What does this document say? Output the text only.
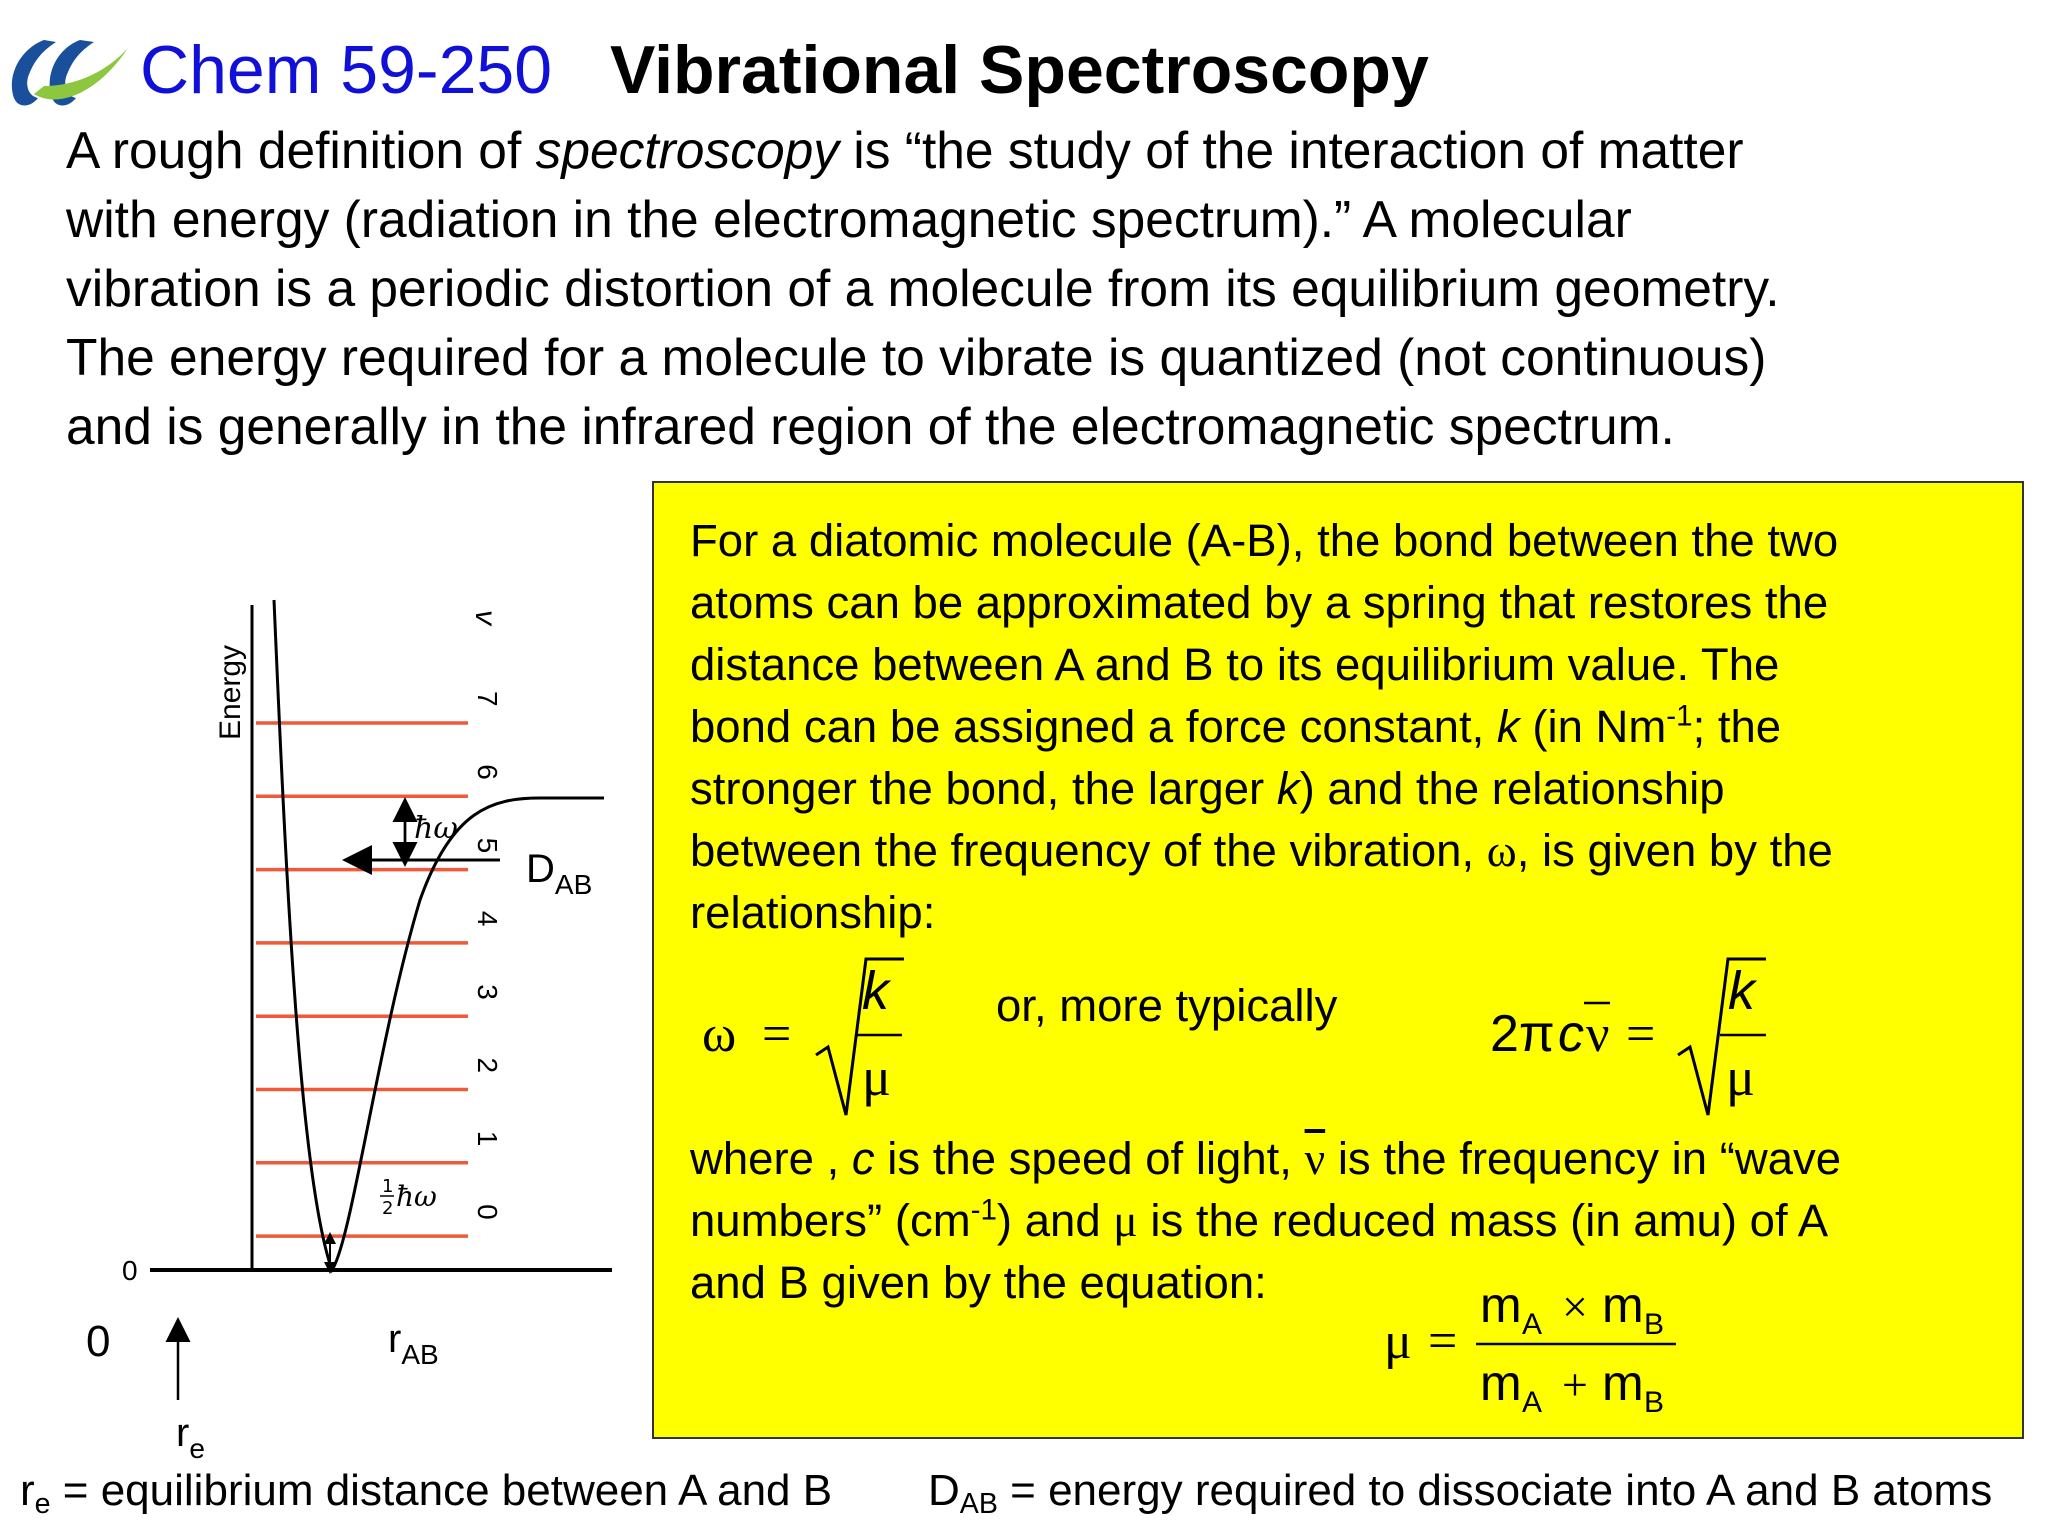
Chem 59-250 Vibrational Spectroscopy

A rough definition of spectroscopy is “the study of the interaction of matter

with energy (radiation in the electromagnetic spectrum).” A molecular

vibration is a periodic distortion of a molecule from its equilibrium geometry.

The energy required for a molecule to vibrate is quantized (not continuous)

and is generally in the infrared region of the electromagnetic spectrum.

For a diatomic molecule (A-B), the bond between the two

atoms can be approximated by a spring that restores the

distance between A and B to its equilibrium value. The

bond can be assigned a force constant, k (in $Nm^{-1}$; the

stronger the bond, the larger k) and the relationship

between the frequency of the vibration, ω, is given by the

relationship:

ω =
k
μ
or, more typically	2π c ν =
k
μ

where , c is the speed of light, $\overline{\nu}$ is the frequency in “wave

numbers” $(cm^{-1})$ and μ is the reduced mass (in amu) of A

and B given by the equation:

μ =
m A × m B
m A + m B
Energy
v
7
6
5
4
3
2
1
0
ħω
$D_{AB}$
1
2 ħω
0
0
$r_e$
$r_{AB}$
$r_e$ = equilibrium distance between A and B $D_{AB}$ = energy required to dissociate into A and B atoms
